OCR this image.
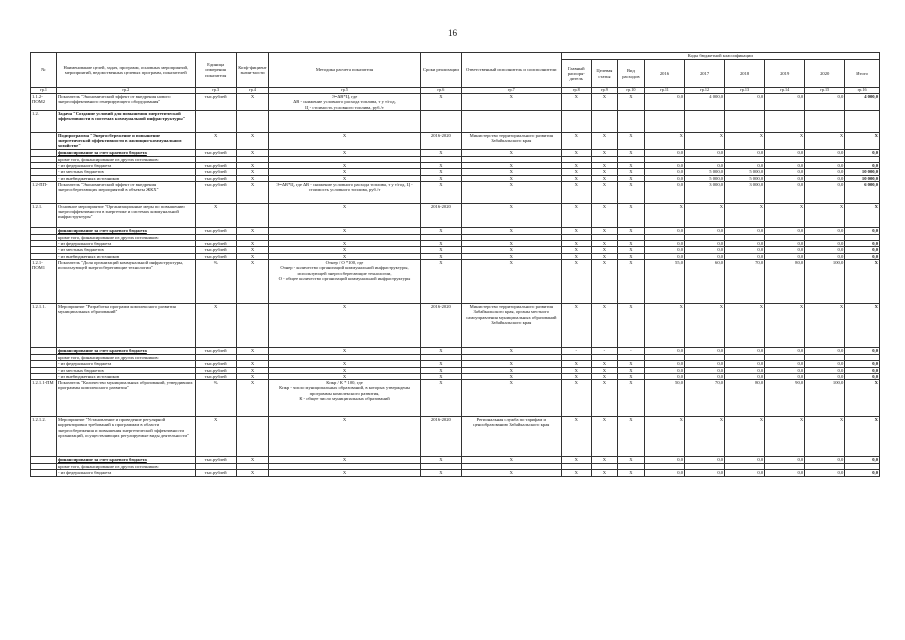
16
№	Наименование целей, задач, программ, основных мероприятий, мероприятий, ведомственных целевых программ, показателей	Единица измерения показателя	Коэф-фициент значи-мости	Методика расчета показателя	Сроки реализации	Ответственный исполнитель и соисполнители	Коды бюджетной классификации								
							Главный распоря-дитель	Целевая статья	Вид расходов	2016	2017	2018	2019	2020	Итого
гр.1	гр.2	гр.3	гр.4	гр.5	гр.6	гр.7	гр.8	гр.9	гр.10	гр.11	гр.12	гр.13	гр.14	гр.15	гр.16
1.1.2-ПОМ2	Показатель "Экономический эффект от внедрения нового энергоэффективного генерирующего оборудования"	тыс.рублей	X	Э=ΔВ*Ц, где
ΔВ - снижение условного расхода топлива, т у т/год,
Ц - стоимость условного топлива, руб./т	X	X	X	X	X	0,0	4 000,0	0,0	0,0	0,0	4 000,0
1.2.	Задача "Создание условий для повышения энергетической эффективности в системах коммунальной инфраструктуры"														
	Подпрограмма "Энергосбережение и повышение энергетической эффективности в жилищно-коммунальном хозяйстве"	X	X	X	2016-2020	Министерство территориального развития Забайкальского края	X	X	X	X	X	X	X	X	X
	финансирование за счет краевого бюджета	тыс.рублей	X	X	X	X	X	X	X	0,0	0,0	0,0	0,0	0,0	0,0
	кроме того, финансирование из других источников:														
	- из федерального бюджета	тыс.рублей	X	X	X	X	X	X	X	0,0	0,0	0,0	0,0	0,0	0,0
	- из местных бюджетов	тыс.рублей	X	X	X	X	X	X	X	0,0	5 000,0	5 000,0	0,0	0,0	10 000,0
	- из внебюджетных источников	тыс.рублей	X	X	X	X	X	X	X	0,0	5 000,0	5 000,0	0,0	0,0	10 000,0
1.2-ПП-	Показатель "Экономический эффект от внедрения энергосберегающих мероприятий в объекты ЖКХ"	тыс.рублей	X	Э=ΔВ*Ц, где ΔВ - снижение условного расхода топлива, т у т/год, Ц - стоимость условного топлива, руб./т	X	X	X	X	X	0,0	3 000,0	3 000,0	0,0	0,0	6 000,0
1.2.1.	Основное мероприятие "Организационные меры по повышению энергоэффективности в энергетике и системах коммунальной инфраструктуры"	X		X	2016-2020	X	X	X	X	X	X	X	X	X	X
	финансирование за счет краевого бюджета	тыс.рублей	X	X	X	X	X	X	X	0,0	0,0	0,0	0,0	0,0	0,0
	кроме того, финансирование из других источников:														
	- из федерального бюджета	тыс.рублей	X	X	X	X	X	X	X	0,0	0,0	0,0	0,0	0,0	0,0
	- из местных бюджетов	тыс.рублей	X	X	X	X	X	X	X	0,0	0,0	0,0	0,0	0,0	0,0
	- из внебюджетных источников	тыс.рублей	X	X	X	X	X	X	X	0,0	0,0	0,0	0,0	0,0	0,0
1.2.1-ПОМ1	Показатель "Доля организаций коммунальной инфраструктуры, использующей энергосберегающие технологии"	%	X	Отнер / О *100, где
Оэнер - количество организаций коммунальной инфраструктуры, использующей энергосберегающие технологии,
О - общее количество организаций коммунальной инфраструктуры	X	X	X	X	X	55,0	60,0	70,0	80,0	100,0	X
1.2.1.1.	Мероприятие "Разработка программ комплексного развития муниципальных образований"	X		X	2016-2020	Министерство территориального развития Забайкальского края, органы местного самоуправления муниципальных образований Забайкальского края	X	X	X	X	X	X	X	X	X
	финансирование за счет краевого бюджета	тыс.рублей	X	X	X	X	-	-	-	0,0	0,0	0,0	0,0	0,0	0,0
	кроме того, финансирование из других источников:														
	- из федерального бюджета	тыс.рублей	X	X	X	X	X	X	X	0,0	0,0	0,0	0,0	0,0	0,0
	- из местных бюджетов	тыс.рублей	X	X	X	X	X	X	X	0,0	0,0	0,0	0,0	0,0	0,0
	- из внебюджетных источников	тыс.рублей	X	X	X	X	X	X	X	0,0	0,0	0,0	0,0	0,0	0,0
1.2.1.1-ПМ	Показатель "Количество муниципальных образований, утвердивших программы комплексного развития"	%	X	Кпкр / К * 100, где
Кпкр - число муниципальных образований, в которых утверждены программы комплексного развития,
К - общее число муниципальных образований	X	X	X	X	X	50,0	70,0	80,0	90,0	100,0	X
1.2.1.2.	Мероприятие "Установление и проведение регулярной корректировки требований к программам в области энергосбережения и повышения энергетической эффективности организаций, осуществляющих регулируемые виды деятельности"	X		X	2016-2020	Региональная служба по тарифам и ценообразованию Забайкальского края	X	X	X	X	X	X	X	X	X
	финансирование за счет краевого бюджета	тыс.рублей	X	X	X	X	X	X	X	0,0	0,0	0,0	0,0	0,0	0,0
	кроме того, финансирование из других источников:														
	- из федерального бюджета	тыс.рублей	X	X	X	X	X	X	X	0,0	0,0	0,0	0,0	0,0	0,0
